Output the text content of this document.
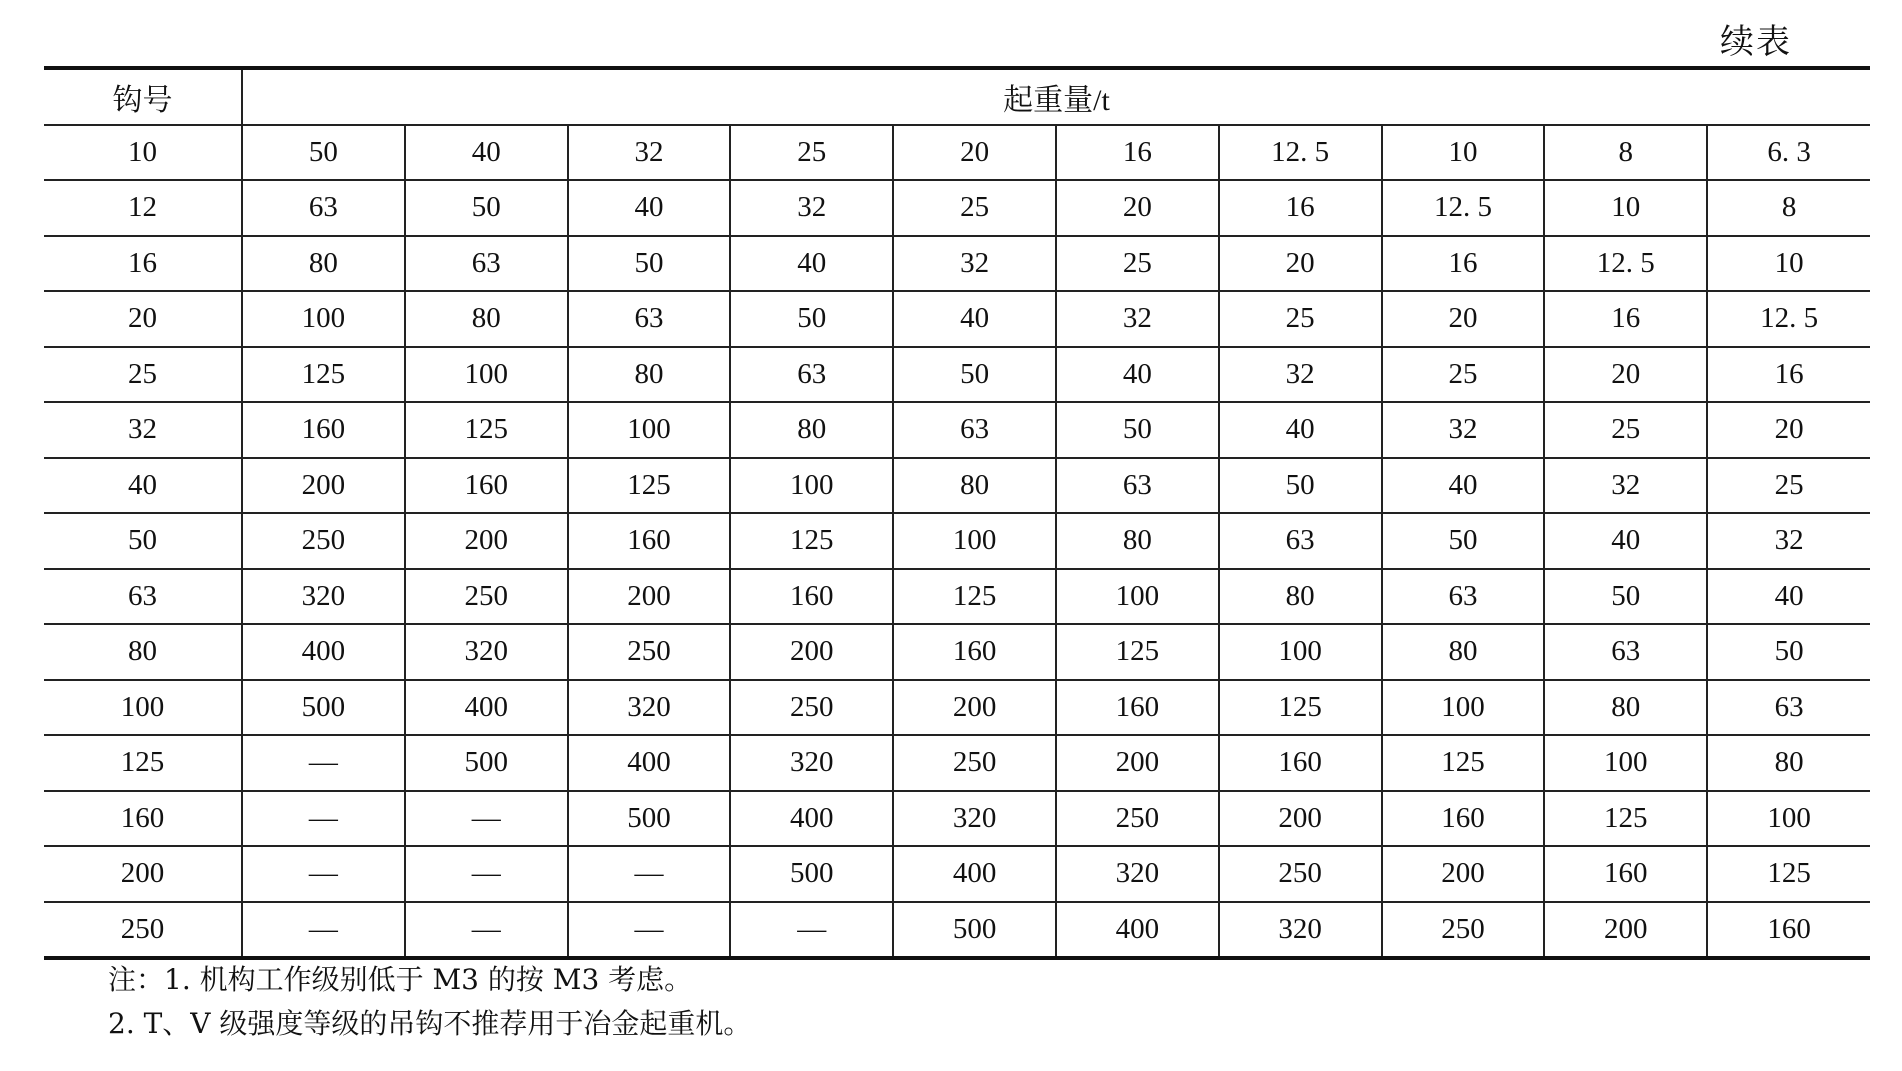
续表
钩号	起重量/t									
10	50	40	32	25	20	16	12. 5	10	8	6. 3
12	63	50	40	32	25	20	16	12. 5	10	8
16	80	63	50	40	32	25	20	16	12. 5	10
20	100	80	63	50	40	32	25	20	16	12. 5
25	125	100	80	63	50	40	32	25	20	16
32	160	125	100	80	63	50	40	32	25	20
40	200	160	125	100	80	63	50	40	32	25
50	250	200	160	125	100	80	63	50	40	32
63	320	250	200	160	125	100	80	63	50	40
80	400	320	250	200	160	125	100	80	63	50
100	500	400	320	250	200	160	125	100	80	63
125	—	500	400	320	250	200	160	125	100	80
160	—	—	500	400	320	250	200	160	125	100
200	—	—	—	500	400	320	250	200	160	125
250	—	—	—	—	500	400	320	250	200	160
注：1. 机构工作级别低于 M3 的按 M3 考虑。
2. T、V 级强度等级的吊钩不推荐用于冶金起重机。
